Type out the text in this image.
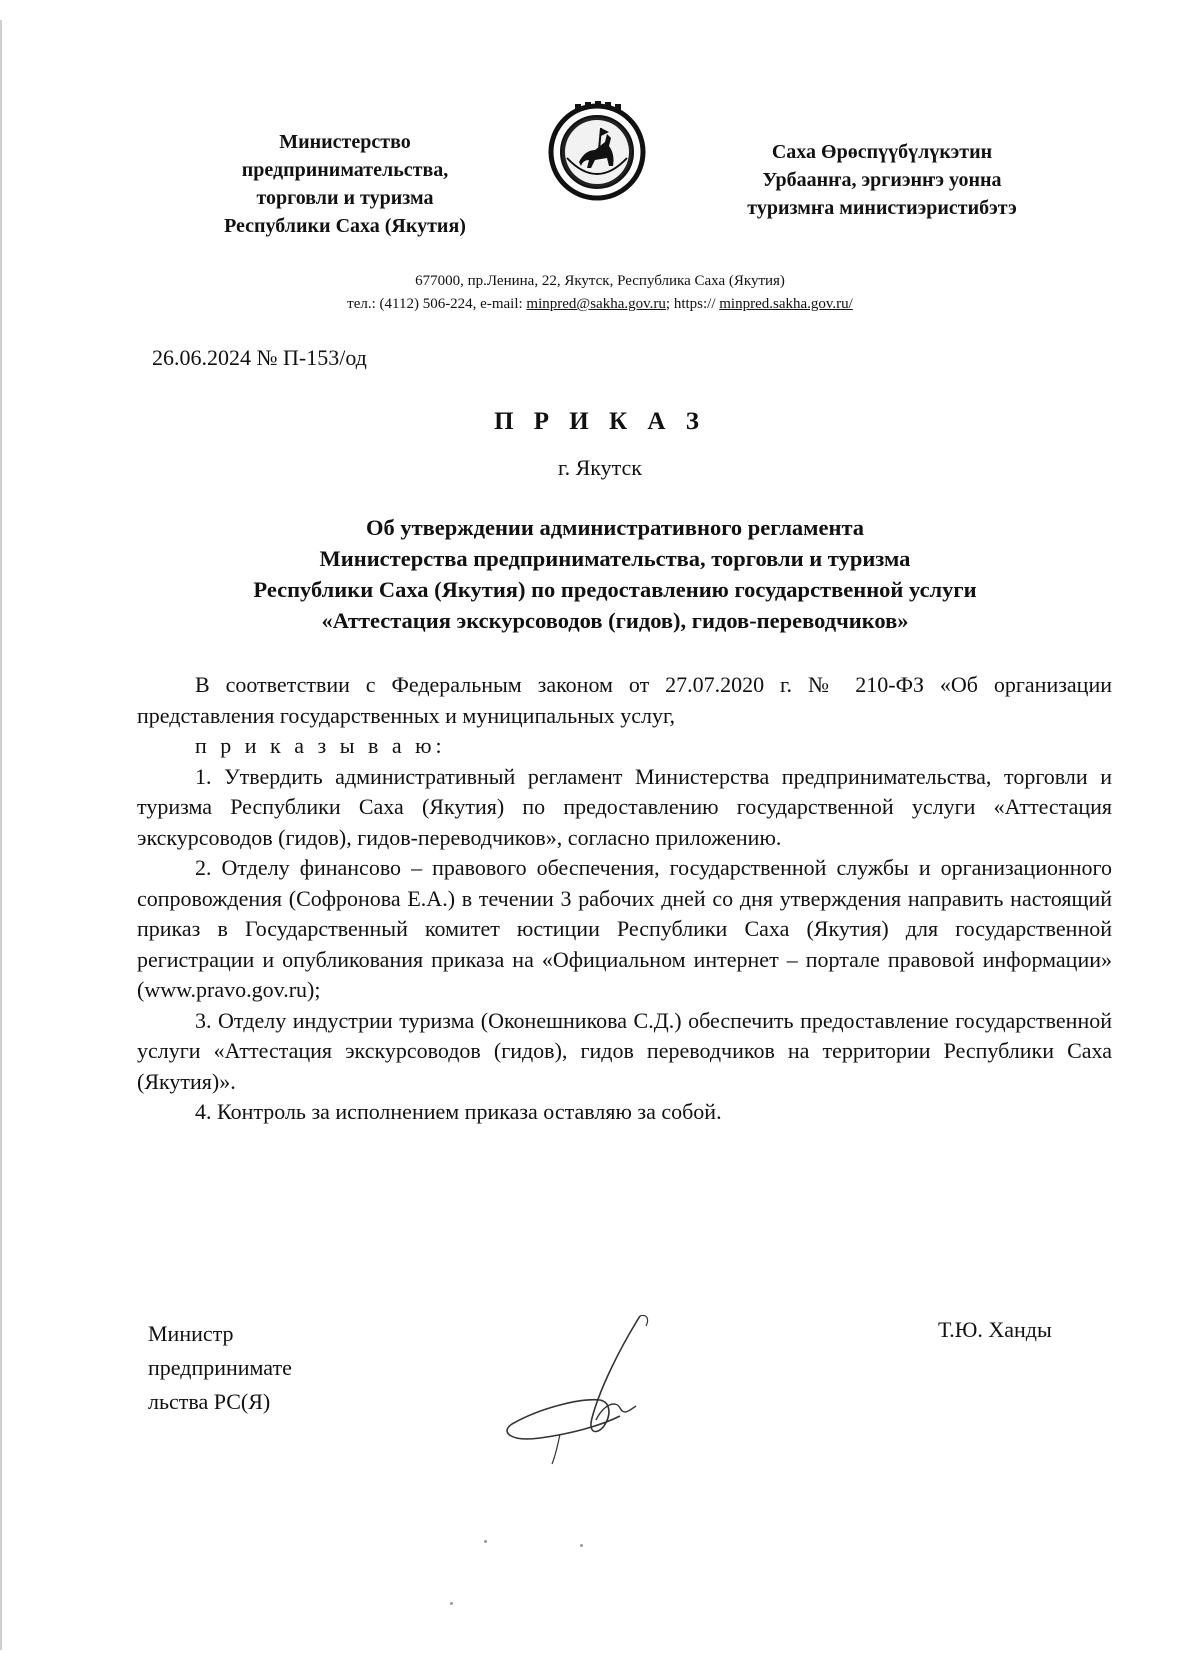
Министерство
предпринимательства,
торговли и туризма
Республики Саха (Якутия)
Саха Өрөспүүбүлүкэтин
Урбаанҥа, эргиэнҥэ уонна
туризмҥа министиэристибэтэ
677000, пр.Ленина, 22, Якутск, Республика Саха (Якутия)
тел.: (4112) 506-224, e-mail: minpred@sakha.gov.ru; https:// minpred.sakha.gov.ru/
26.06.2024 № П-153/од
П Р И К А З
г. Якутск
Об утверждении административного регламента
Министерства предпринимательства, торговли и туризма
Республики Саха (Якутия) по предоставлению государственной услуги
«Аттестация экскурсоводов (гидов), гидов-переводчиков»

В соответствии с Федеральным законом от 27.07.2020 г. № 210-ФЗ «Об организации представления государственных и муниципальных услуг,

п р и к а з ы в а ю:

1. Утвердить административный регламент Министерства предпринимательства, торговли и туризма Республики Саха (Якутия) по предоставлению государственной услуги «Аттестация экскурсоводов (гидов), гидов-переводчиков», согласно приложению.

2. Отделу финансово – правового обеспечения, государственной службы и организационного сопровождения (Софронова Е.А.) в течении 3 рабочих дней со дня утверждения направить настоящий приказ в Государственный комитет юстиции Республики Саха (Якутия) для государственной регистрации и опубликования приказа на «Официальном интернет – портале правовой информации» (www.pravo.gov.ru);

3. Отделу индустрии туризма (Оконешникова С.Д.) обеспечить предоставление государственной услуги «Аттестация экскурсоводов (гидов), гидов переводчиков на территории Республики Саха (Якутия)».

4. Контроль за исполнением приказа оставляю за собой.

Министр
предпринимате
льства РС(Я)
Т.Ю. Ханды
